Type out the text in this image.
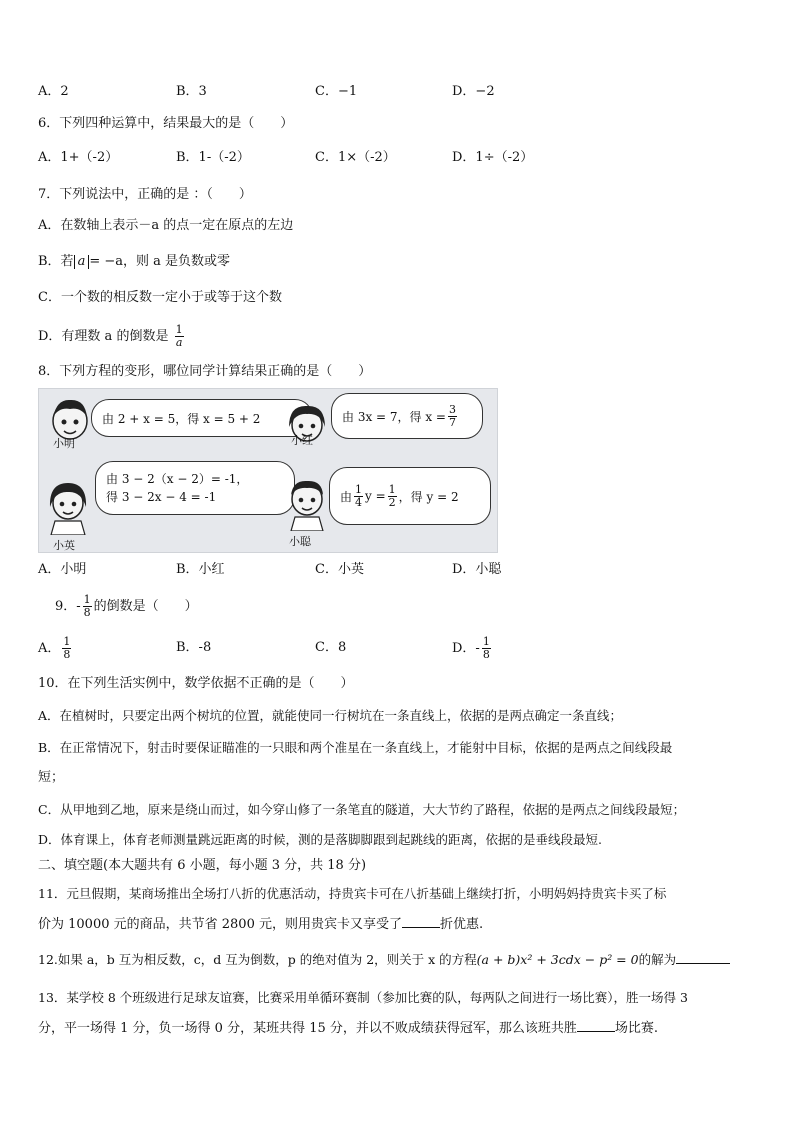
A．2	B．3	C．−1	D．−2
6．下列四种运算中，结果最大的是（　　）
A．1+（-2）	B．1-（-2）	C．1×（-2）	D．1÷（-2）
7．下列说法中，正确的是 ：（　　）
A．在数轴上表示－a 的点一定在原点的左边
B．若 a = −a，则 a 是负数或零
C．一个数的相反数一定小于或等于这个数
D．有理数 a 的倒数是 $\frac{1}{a}$
8．下列方程的变形，哪位同学计算结果正确的是（　　）
小明
由 2 + x = 5，得 x = 5 + 2
小红
由 3x = 7，得 $x = \frac{3}{7}$
小英
由 3 − 2（x − 2）= -1，
得 3 − 2x − 4 = -1
小聪
由 $\frac{1}{4}$ $y = \frac{1}{2}$ ，得 y = 2
A．小明	B．小红	C．小英	D．小聪
9．- $\frac{1}{8}$ 的倒数是（　　）
A． $\frac{1}{8}$	B．-8	C．8	D．- $\frac{1}{8}$
10．在下列生活实例中，数学依据不正确的是（　　）
A．在植树时，只要定出两个树坑的位置，就能使同一行树坑在一条直线上，依据的是两点确定一条直线；
B．在正常情况下，射击时要保证瞄准的一只眼和两个准星在一条直线上，才能射中目标，依据的是两点之间线段最
短；
C．从甲地到乙地，原来是绕山而过，如今穿山修了一条笔直的隧道，大大节约了路程，依据的是两点之间线段最短；
D．体育课上，体育老师测量跳远距离的时候，测的是落脚脚跟到起跳线的距离，依据的是垂线段最短.
二、填空题(本大题共有 6 小题，每小题 3 分，共 18 分)
11．元旦假期，某商场推出全场打八折的优惠活动，持贵宾卡可在八折基础上继续打折，小明妈妈持贵宾卡买了标
价为 10000 元的商品，共节省 2800 元，则用贵宾卡又享受了	折优惠.
12.如果 a，b 互为相反数，c，d 互为倒数，p 的绝对值为 2，则关于 x 的方程(a + b)x² + 3cdx − p² = 0的解为
13．某学校 8 个班级进行足球友谊赛，比赛采用单循环赛制（参加比赛的队，每两队之间进行一场比赛），胜一场得 3
分，平一场得 1 分，负一场得 0 分，某班共得 15 分，并以不败成绩获得冠军，那么该班共胜	场比赛.
